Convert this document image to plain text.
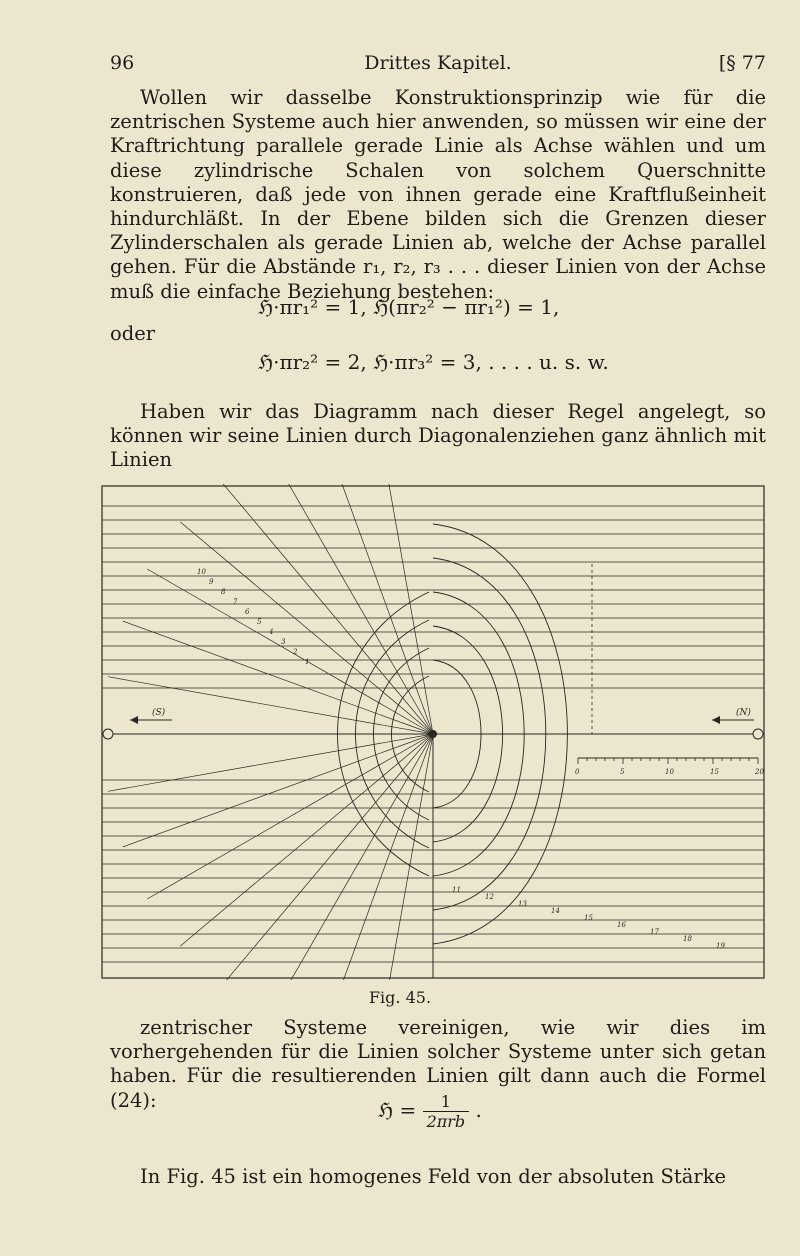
96	Drittes Kapitel.	[§ 77

Wollen wir dasselbe Konstruktionsprinzip wie für die zentrischen Systeme auch hier anwenden, so müssen wir eine der Kraftrichtung parallele gerade Linie als Achse wählen und um diese zylindrische Schalen von solchem Querschnitte konstruieren, daß jede von ihnen gerade eine Kraftflußeinheit hindurchläßt. In der Ebene bilden sich die Grenzen dieser Zylinderschalen als gerade Linien ab, welche der Achse parallel gehen. Für die Abstände r₁, r₂, r₃ . . . dieser Linien von der Achse muß die einfache Beziehung bestehen:

ℌ·πr₁² = 1, ℌ(πr₂² − πr₁²) = 1,
oder
ℌ·πr₂² = 2, ℌ·πr₃² = 3, . . . . u. s. w.

Haben wir das Diagramm nach dieser Regel angelegt, so können wir seine Linien durch Diagonalenziehen ganz ähnlich mit Linien

(S)	(N)
0	5	10	15	20
1
2
3
4
5
6
7
8
9
10
11
12
13
14
15
16
17
18
19
Fig. 45.

zentrischer Systeme vereinigen, wie wir dies im vorhergehenden für die Linien solcher Systeme unter sich getan haben. Für die resultierenden Linien gilt dann auch die Formel (24):	ℌ = $\frac{1}{\text{2πrb}}$ .

In Fig. 45 ist ein homogenes Feld von der absoluten Stärke
